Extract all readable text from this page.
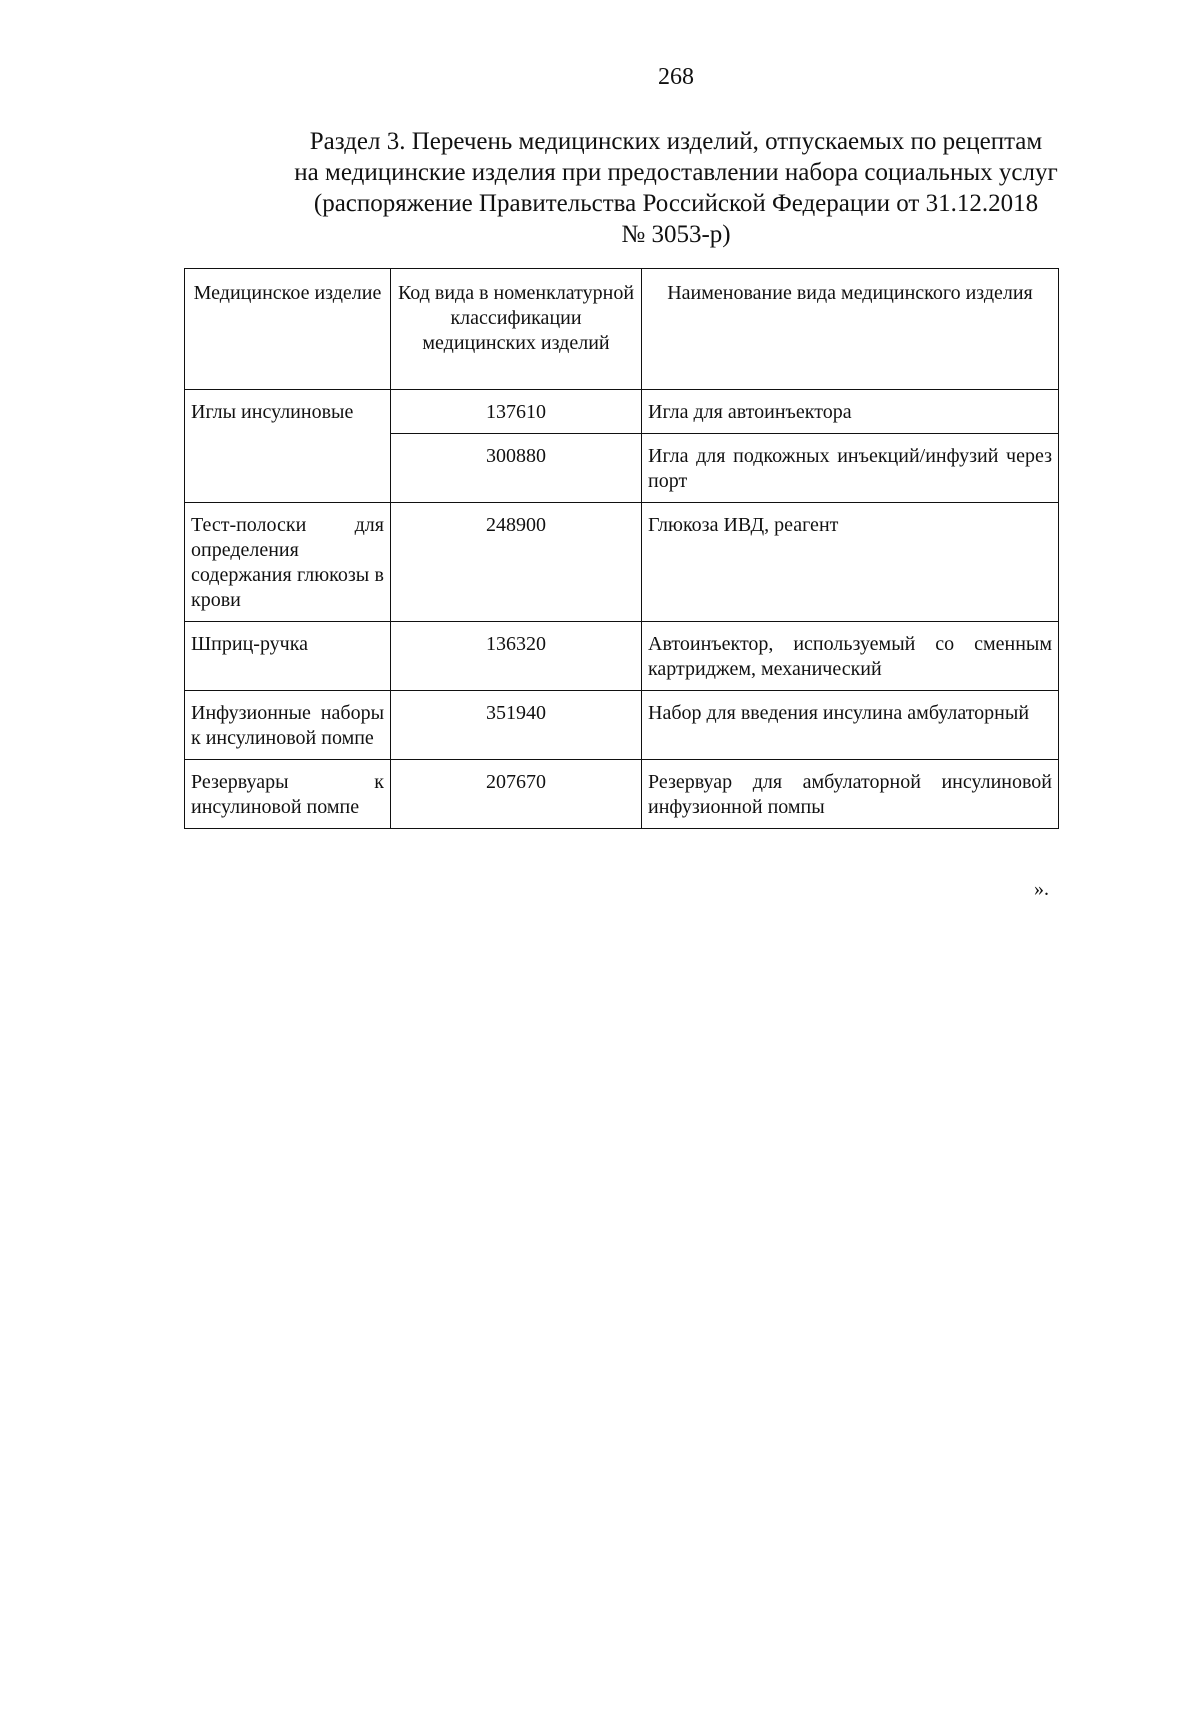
268
Раздел 3. Перечень медицинских изделий, отпускаемых по рецептам
на медицинские изделия при предоставлении набора социальных услуг
(распоряжение Правительства Российской Федерации от 31.12.2018
№ 3053-р)
Медицинское изделие	Код вида в номенклатурной классификации медицинских изделий	Наименование вида медицинского изделия
Иглы инсулиновые	137610	Игла для автоинъектора
	300880	Игла для подкожных инъекций/инфузий через порт
Тест-полоски для определения содержания глюкозы в крови	248900	Глюкоза ИВД, реагент
Шприц-ручка	136320	Автоинъектор, используемый со сменным картриджем, механический
Инфузионные наборы к инсулиновой помпе	351940	Набор для введения инсулина амбулаторный
Резервуары к инсулиновой помпе	207670	Резервуар для амбулаторной инсулиновой инфузионной помпы
».
